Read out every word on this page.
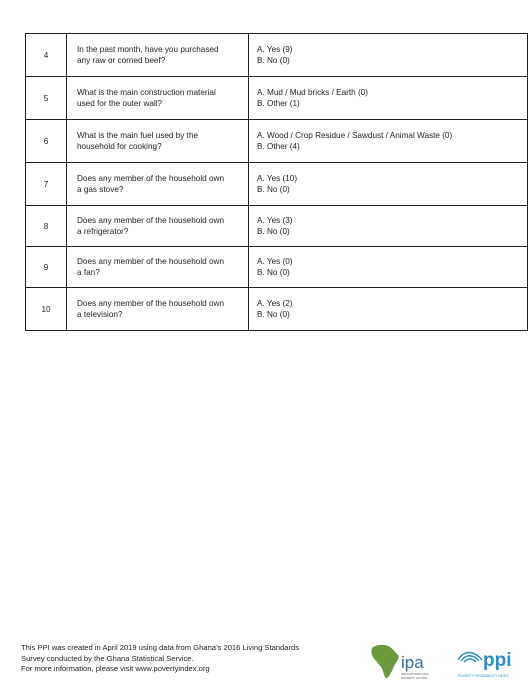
4	In the past month, have you purchased
any raw or corned beef?	A. Yes (9)
B. No (0)

5	What is the main construction material
used for the outer wall?	A. Mud / Mud bricks / Earth (0)
B. Other (1)

6	What is the main fuel used by the
household for cooking?	A. Wood / Crop Residue / Sawdust / Animal Waste (0)
B. Other (4)

7	Does any member of the household own
a gas stove?	A. Yes (10)
B. No (0)

8	Does any member of the household own
a refrigerator?	A. Yes (3)
B. No (0)

9	Does any member of the household own
a fan?	A. Yes (0)
B. No (0)

10	Does any member of the household own
a television?	A. Yes (2)
B. No (0)
This PPI was created in April 2019 using data from Ghana’s 2016 Living Standards
Survey conducted by the Ghana Statistical Service.
For more information, please visit www.povertyindex.org	ipa
INNOVATIONS FOR
POVERTY ACTION
ppi
POVERTY PROBABILITY INDEX
